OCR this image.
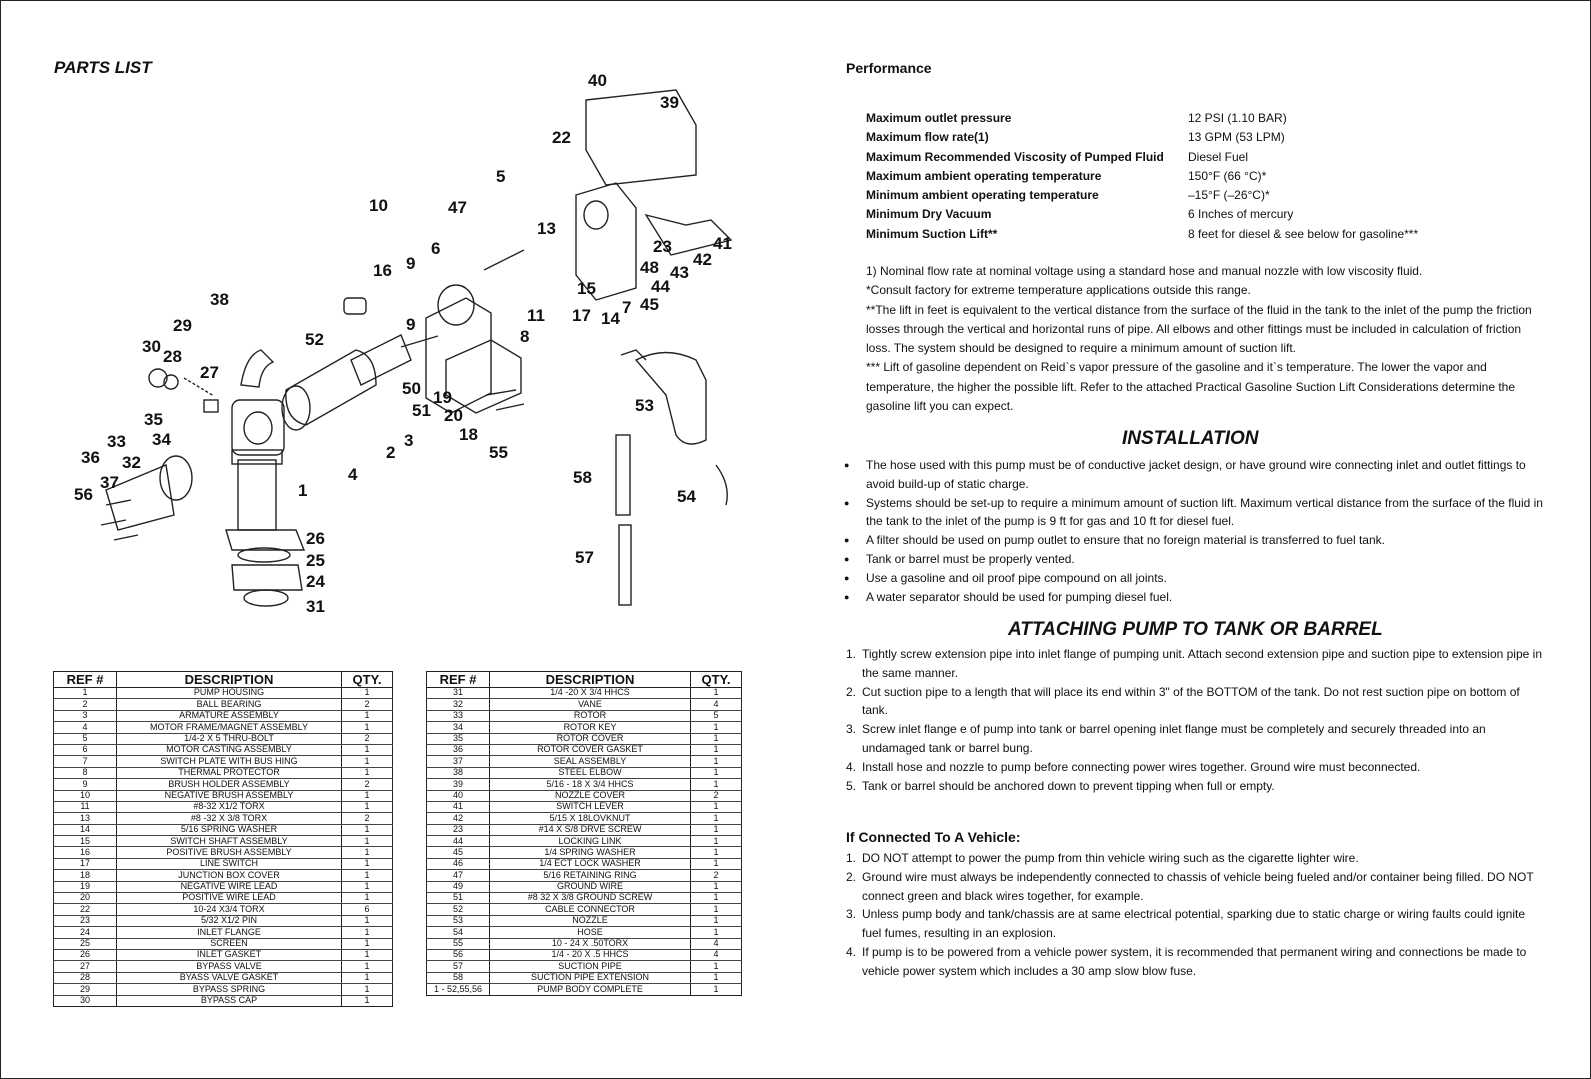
PARTS LIST
1
2
3
4
5
6
7
8
9
9
10
11
13
14
15
16
17
18
19
20
22
23
24
25
26
27
28
29
30
31
32
33 34
35
36
37
38
39
40
41
42
43
44
45
47
48
50
51
52
53
54
55
56
57
58
REF #	DESCRIPTION	QTY.
1	PUMP HOUSING	1
2	BALL BEARING	2
3	ARMATURE ASSEMBLY	1
4	MOTOR FRAME/MAGNET ASSEMBLY	1
5	1/4-2 X 5 THRU-BOLT	2
6	MOTOR CASTING ASSEMBLY	1
7	SWITCH PLATE WITH BUS HING	1
8	THERMAL PROTECTOR	1
9	BRUSH HOLDER ASSEMBLY	2
10	NEGATIVE BRUSH ASSEMBLY	1
11	#8-32 X1/2 TORX	1
13	#8 -32 X 3/8 TORX	2
14	5/16 SPRING WASHER	1
15	SWITCH SHAFT ASSEMBLY	1
16	POSITIVE BRUSH ASSEMBLY	1
17	LINE SWITCH	1
18	JUNCTION BOX COVER	1
19	NEGATIVE WIRE LEAD	1
20	POSITIVE WIRE LEAD	1
22	10-24 X3/4 TORX	6
23	5/32 X1/2 PIN	1
24	INLET FLANGE	1
25	SCREEN	1
26	INLET GASKET	1
27	BYPASS VALVE	1
28	BYASS VALVE GASKET	1
29	BYPASS SPRING	1
30	BYPASS CAP	1
REF #	DESCRIPTION	QTY.
31	1/4 -20 X 3/4 HHCS	1
32	VANE	4
33	ROTOR	5
34	ROTOR KEY	1
35	ROTOR COVER	1
36	ROTOR COVER GASKET	1
37	SEAL ASSEMBLY	1
38	STEEL ELBOW	1
39	5/16 - 18 X 3/4 HHCS	1
40	NOZZLE COVER	2
41	SWITCH LEVER	1
42	5/15 X 18LOVKNUT	1
23	#14 X S/8 DRVE SCREW	1
44	LOCKING LINK	1
45	1/4 SPRING WASHER	1
46	1/4 ECT LOCK WASHER	1
47	5/16 RETAINING RING	2
49	GROUND WIRE	1
51	#8 32 X 3/8 GROUND SCREW	1
52	CABLE CONNECTOR	1
53	NOZZLE	1
54	HOSE	1
55	10 - 24 X .50TORX	4
56	1/4 - 20 X .5 HHCS	4
57	SUCTION PIPE	1
58	SUCTION PIPE EXTENSION	1
1 - 52,55,56	PUMP BODY COMPLETE	1
Performance
Maximum outlet pressure	12 PSI (1.10 BAR)
Maximum flow rate(1)	13 GPM (53 LPM)
Maximum Recommended Viscosity of Pumped Fluid	Diesel Fuel
Maximum ambient operating temperature	150°F (66 °C)*
Minimum ambient operating temperature	–15°F (–26°C)*
Minimum Dry Vacuum	6 Inches of mercury
Minimum Suction Lift**	8 feet for diesel & see below for gasoline***

1) Nominal flow rate at nominal voltage using a standard hose and manual nozzle with low viscosity fluid.

*Consult factory for extreme temperature applications outside this range.

**The lift in feet is equivalent to the vertical distance from the surface of the fluid in the tank to the inlet of the pump the friction losses through the vertical and horizontal runs of pipe. All elbows and other fittings must be included in calculation of friction loss. The system should be designed to require a minimum amount of suction lift.

*** Lift of gasoline dependent on Reid`s vapor pressure of the gasoline and it`s temperature. The lower the vapor and temperature, the higher the possible lift. Refer to the attached Practical Gasoline Suction Lift Considerations determine the gasoline lift you can expect.

INSTALLATION
● The hose used with this pump must be of conductive jacket design, or have ground wire connecting inlet and outlet fittings to avoid build-up of static charge.
● Systems should be set-up to require a minimum amount of suction lift. Maximum vertical distance from the surface of the fluid in the tank to the inlet of the pump is 9 ft for gas and 10 ft for diesel fuel.
● A filter should be used on pump outlet to ensure that no foreign material is transferred to fuel tank.
● Tank or barrel must be properly vented.
● Use a gasoline and oil proof pipe compound on all joints.
● A water separator should be used for pumping diesel fuel.
ATTACHING PUMP TO TANK OR BARREL
1. Tightly screw extension pipe into inlet flange of pumping unit. Attach second extension pipe and suction pipe to extension pipe in the same manner.
2. Cut suction pipe to a length that will place its end within 3" of the BOTTOM of the tank. Do not rest suction pipe on bottom of tank.
3. Screw inlet flange e of pump into tank or barrel opening inlet flange must be completely and securely threaded into an undamaged tank or barrel bung.
4. Install hose and nozzle to pump before connecting power wires together. Ground wire must beconnected.
5. Tank or barrel should be anchored down to prevent tipping when full or empty.
If Connected To A Vehicle:
1. DO NOT attempt to power the pump from thin vehicle wiring such as the cigarette lighter wire.
2. Ground wire must always be independently connected to chassis of vehicle being fueled and/or container being filled. DO NOT connect green and black wires together, for example.
3. Unless pump body and tank/chassis are at same electrical potential, sparking due to static charge or wiring faults could ignite fuel fumes, resulting in an explosion.
4. If pump is to be powered from a vehicle power system, it is recommended that permanent wiring and connections be made to vehicle power system which includes a 30 amp slow blow fuse.
